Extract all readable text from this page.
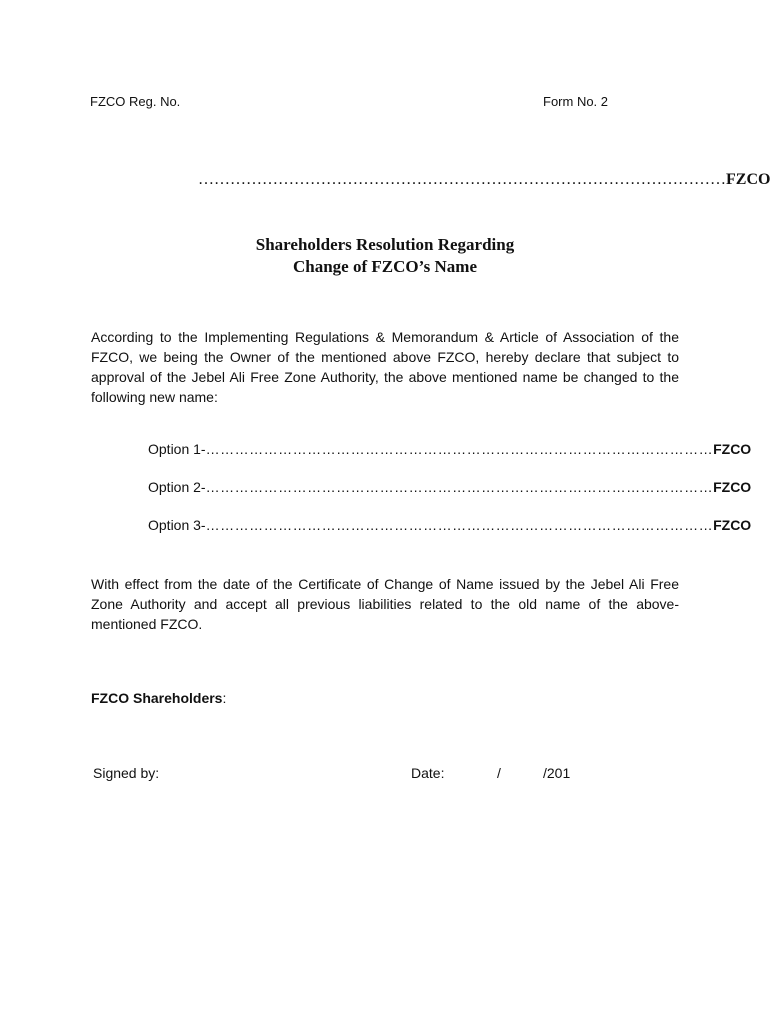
FZCO Reg. No.	Form No. 2
………………………………………………………………………………………FZCO
Shareholders Resolution Regarding
Change of FZCO’s Name
According to the Implementing Regulations & Memorandum & Article of Association of the FZCO, we being the Owner of the mentioned above FZCO, hereby declare that subject to approval of the Jebel Ali Free Zone Authority, the above mentioned name be changed to the following new name:
Option 1- …………………………………………………………………………………………… FZCO
Option 2- …………………………………………………………………………………………… FZCO
Option 3- …………………………………………………………………………………………… FZCO
With effect from the date of the Certificate of Change of Name issued by the Jebel Ali Free Zone Authority and accept all previous liabilities related to the old name of the above-mentioned FZCO.
FZCO Shareholders:
Signed by:	Date:	/	/201
